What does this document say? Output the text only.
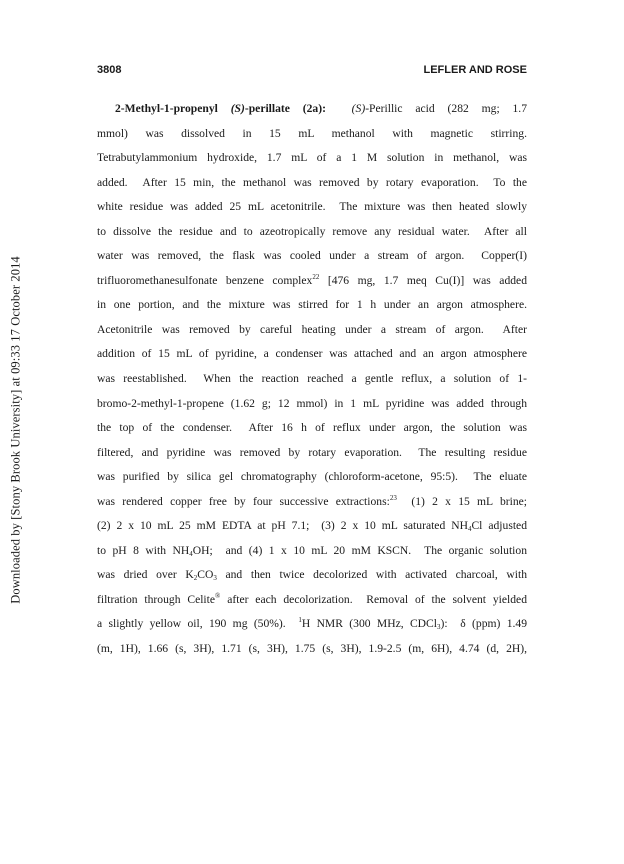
Downloaded by [Stony Brook University] at 09:33 17 October 2014
3808	LEFLER AND ROSE
2-Methyl-1-propenyl (S)-perillate (2a): (S)-Perillic acid (282 mg; 1.7
mmol) was dissolved in 15 mL methanol with magnetic stirring.
Tetrabutylammonium hydroxide, 1.7 mL of a 1 M solution in methanol, was
added.  After 15 min, the methanol was removed by rotary evaporation.  To the
white residue was added 25 mL acetonitrile.  The mixture was then heated slowly
to dissolve the residue and to azeotropically remove any residual water.  After all
water was removed, the flask was cooled under a stream of argon.  Copper(I)
trifluoromethanesulfonate benzene complex$^{22}$ [476 mg, 1.7 meq Cu(I)] was added
in one portion, and the mixture was stirred for 1 h under an argon atmosphere.
Acetonitrile was removed by careful heating under a stream of argon.  After
addition of 15 mL of pyridine, a condenser was attached and an argon atmosphere
was reestablished.  When the reaction reached a gentle reflux, a solution of 1-
bromo-2-methyl-1-propene (1.62 g; 12 mmol) in 1 mL pyridine was added through
the top of the condenser.  After 16 h of reflux under argon, the solution was
filtered, and pyridine was removed by rotary evaporation.  The resulting residue
was purified by silica gel chromatography (chloroform-acetone, 95:5).  The eluate
was rendered copper free by four successive extractions:$^{23}$  (1) 2 x 15 mL brine;
(2) 2 x 10 mL 25 mM EDTA at pH 7.1;  (3) 2 x 10 mL saturated $NH_4Cl$ adjusted
to pH 8 with $NH_4OH$;  and (4) 1 x 10 mL 20 mM KSCN.  The organic solution
was dried over $K_2CO_3$ and then twice decolorized with activated charcoal, with
filtration through Celite® after each decolorization.  Removal of the solvent yielded
a slightly yellow oil, 190 mg (50%).  $^1$H NMR (300 MHz, CDCl$_3$):  δ (ppm) 1.49
(m, 1H), 1.66 (s, 3H), 1.71 (s, 3H), 1.75 (s, 3H), 1.9-2.5 (m, 6H), 4.74 (d, 2H),
